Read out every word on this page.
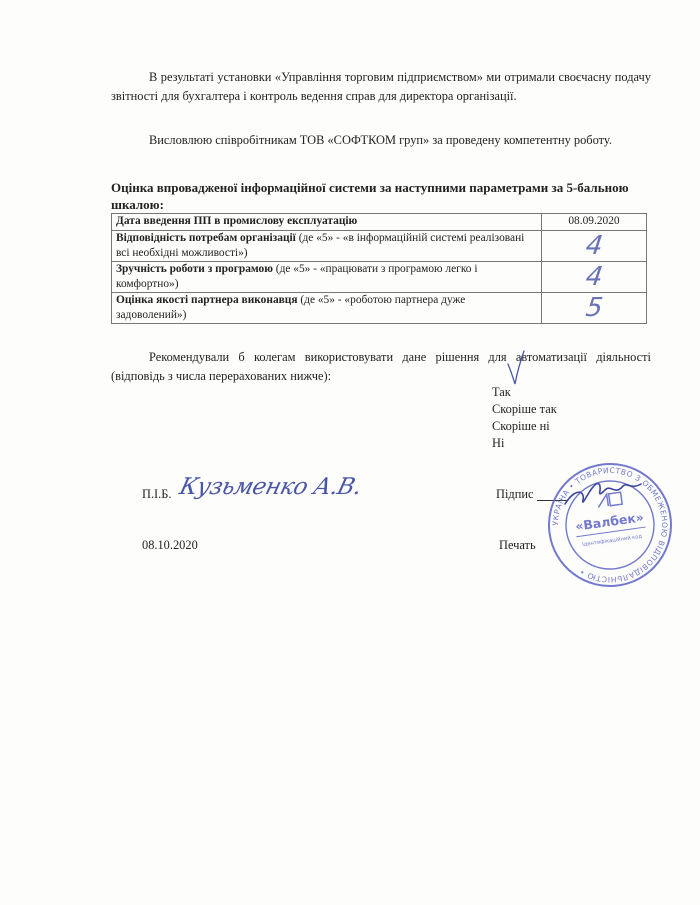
В результаті установки «Управління торговим підприємством» ми отримали своєчасну подачу звітності для бухгалтера і контроль ведення справ для директора організації.

Висловлюю співробітникам ТОВ «СОФТКОМ груп» за проведену компетентну роботу.

Оцінка впровадженої інформаційної системи за наступними параметрами за 5-бальною шкалою:

Дата введення ПП в промислову експлуатацію	08.09.2020
Відповідність потребам організації (де «5» - «в інформаційній системі реалізовані всі необхідні можливості»)	4
Зручність роботи з програмою (де «5» - «працювати з програмою легко і комфортно»)	4
Оцінка якості партнера виконавця (де «5» - «роботою партнера дуже задоволений»)	5

Рекомендували б колегам використовувати дане рішення для автоматизації діяльності (відповідь з числа перерахованих нижче):

Так
Скоріше так
Скоріше ні
Ні
П.І.Б. Кузьменко А.В.
08.10.2020
Підпис
Печать
УКРАЇНА • ТОВАРИСТВО З ОБМЕЖЕНОЮ ВІДПОВІДАЛЬНІСТЮ •
«Валбек»
Ідентифікаційний код
